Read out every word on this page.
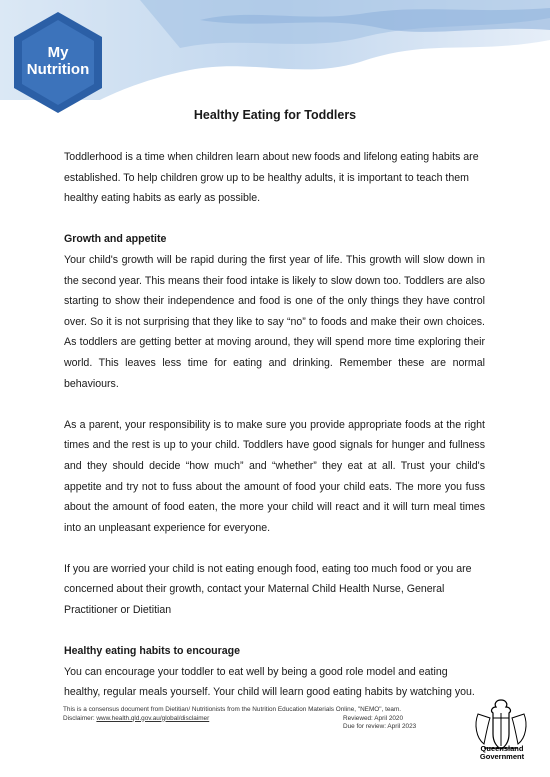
My
Nutrition
Healthy Eating for Toddlers

Toddlerhood is a time when children learn about new foods and lifelong eating habits are established. To help children grow up to be healthy adults, it is important to teach them healthy eating habits as early as possible.

Growth and appetite

Your child's growth will be rapid during the first year of life. This growth will slow down in the second year. This means their food intake is likely to slow down too. Toddlers are also starting to show their independence and food is one of the only things they have control over. So it is not surprising that they like to say “no” to foods and make their own choices. As toddlers are getting better at moving around, they will spend more time exploring their world. This leaves less time for eating and drinking. Remember these are normal behaviours.

As a parent, your responsibility is to make sure you provide appropriate foods at the right times and the rest is up to your child. Toddlers have good signals for hunger and fullness and they should decide “how much” and “whether” they eat at all. Trust your child's appetite and try not to fuss about the amount of food your child eats. The more you fuss about the amount of food eaten, the more your child will react and it will turn meal times into an unpleasant experience for everyone.

If you are worried your child is not eating enough food, eating too much food or you are concerned about their growth, contact your Maternal Child Health Nurse, General Practitioner or Dietitian

Healthy eating habits to encourage

You can encourage your toddler to eat well by being a good role model and eating healthy, regular meals yourself. Your child will learn good eating habits by watching you.

This is a consensus document from Dietitian/ Nutritionists from the Nutrition Education Materials Online, "NEMO", team.
Disclaimer: www.health.qld.gov.au/global/disclaimer	Reviewed: April 2020
Due for review: April 2023
Queensland
Government
